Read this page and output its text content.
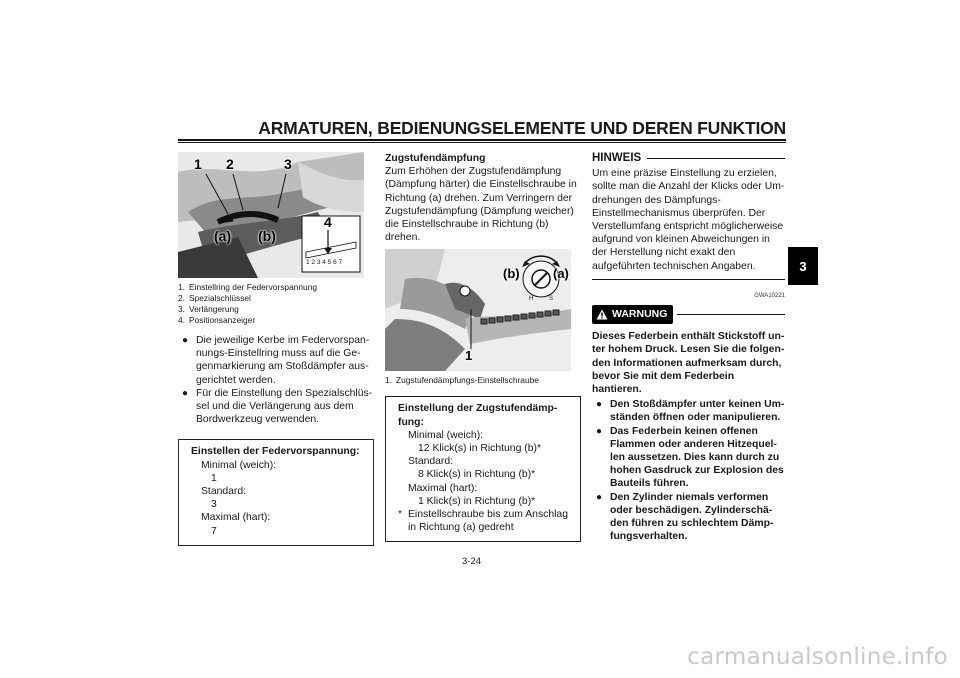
ARMATUREN, BEDIENUNGSELEMENTE UND DEREN FUNKTION
3
1 2	3
4
(a) (b)
1 2 3 4 5 6 7
1. Einstellring der Federvorspannung
2. Spezialschlüssel
3. Verlängerung
4. Positionsanzeiger
● Die jeweilige Kerbe im Federvorspannungs-Einstellring muss auf die Gegenmarkierung am Stoßdämpfer ausgerichtet werden.
● Für die Einstellung den Spezialschlüssel und die Verlängerung aus dem Bordwerkzeug verwenden.
Einstellen der Federvorspannung:
Minimal (weich):
1
Standard:
3
Maximal (hart):
7
Zugstufendämpfung
Zum Erhöhen der Zugstufendämpfung (Dämpfung härter) die Einstellschraube in Richtung (a) drehen. Zum Verringern der Zugstufendämpfung (Dämpfung weicher) die Einstellschraube in Richtung (b) drehen.
(b)	(a)
1
H	S
1. Zugstufendämpfungs-Einstellschraube
Einstellung der Zugstufendämpfung:
Minimal (weich):
12 Klick(s) in Richtung (b)*
Standard:
8 Klick(s) in Richtung (b)*
Maximal (hart):
1 Klick(s) in Richtung (b)*
* Einstellschraube bis zum Anschlag in Richtung (a) gedreht
HINWEIS
Um eine präzise Einstellung zu erzielen, sollte man die Anzahl der Klicks oder Umdrehungen des Dämpfungs-Einstellmechanismus überprüfen. Der Verstellumfang entspricht möglicherweise aufgrund von kleinen Abweichungen in der Herstellung nicht exakt den aufgeführten technischen Angaben.
GWA10221
WARNUNG
Dieses Federbein enthält Stickstoff unter hohem Druck. Lesen Sie die folgenden Informationen aufmerksam durch, bevor Sie mit dem Federbein hantieren.
● Den Stoßdämpfer unter keinen Umständen öffnen oder manipulieren.
● Das Federbein keinen offenen Flammen oder anderen Hitzequellen aussetzen. Dies kann durch zu hohen Gasdruck zur Explosion des Bauteils führen.
● Den Zylinder niemals verformen oder beschädigen. Zylinderschäden führen zu schlechtem Dämpfungsverhalten.
3-24
carmanualsonline.info
